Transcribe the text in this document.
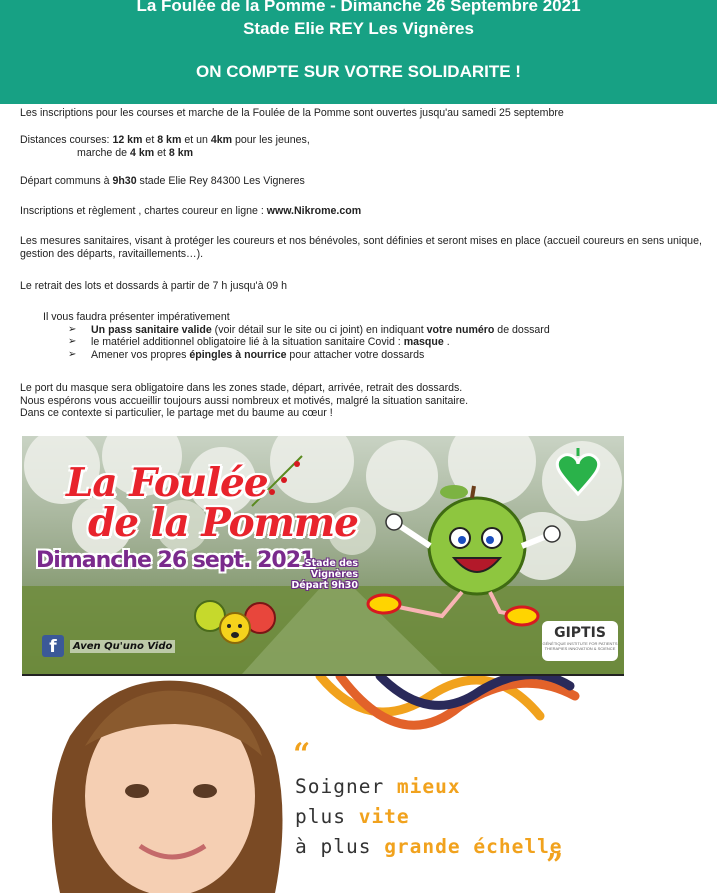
La Foulée de la Pomme - Dimanche 26 Septembre 2021
Stade Elie REY Les Vignères
ON COMPTE SUR VOTRE SOLIDARITE !
Les inscriptions pour les courses et marche de la Foulée de la Pomme sont ouvertes jusqu'au samedi 25 septembre
Distances courses: 12 km et 8 km et un 4km pour les jeunes,
marche de 4 km et 8 km
Départ communs à 9h30 stade Elie Rey 84300 Les Vigneres
Inscriptions et règlement , chartes coureur en ligne : www.Nikrome.com
Les mesures sanitaires, visant à protéger les coureurs et nos bénévoles, sont définies et seront mises en place (accueil coureurs en sens unique, gestion des départs, ravitaillements…).
Le retrait des lots et dossards à partir de 7 h jusqu'à 09 h
Il vous faudra présenter impérativement
➢ Un pass sanitaire valide (voir détail sur le site ou ci joint) en indiquant votre numéro de dossard
➢ le matériel additionnel obligatoire lié à la situation sanitaire Covid : masque .
➢ Amener vos propres épingles à nourrice pour attacher votre dossards
Le port du masque sera obligatoire dans les zones stade, départ, arrivée, retrait des dossards.
Nous espérons vous accueillir toujours aussi nombreux et motivés, malgré la situation sanitaire.
Dans ce contexte si particulier, le partage met du baume au cœur !
La Foulée
de la Pomme
Dimanche 26 sept. 2021
Stade des Vignères
Départ 9h30
f	Aven Qu'uno Vido
GIPTIS
GÉNÉTIQUE INSTITUTE FOR PATIENTS THERAPIES INNOVATION & SCIENCE
“
Soigner mieux
plus vite
à plus grande échelle
”
